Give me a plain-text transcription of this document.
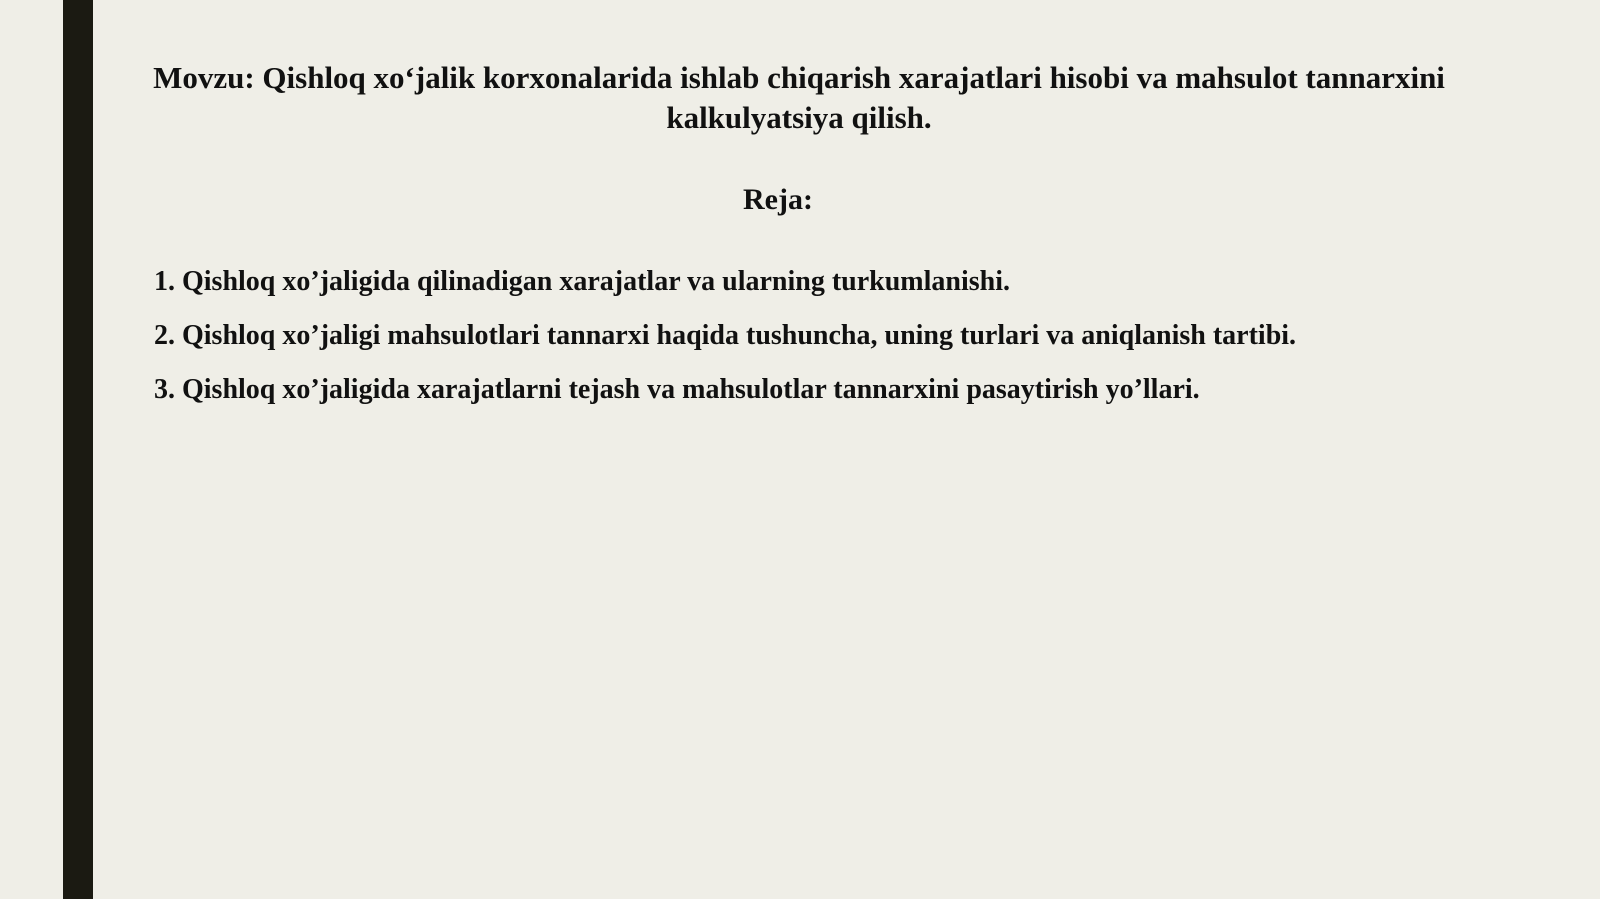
Movzu: Qishloq xo‘jalik korxonalarida ishlab chiqarish xarajatlari hisobi va mahsulot tannarxini kalkulyatsiya qilish.
Reja:
1. Qishloq xo’jaligida qilinadigan xarajatlar va ularning turkumlanishi.
2. Qishloq xo’jaligi mahsulotlari tannarxi haqida tushuncha, uning turlari va aniqlanish tartibi.
3. Qishloq xo’jaligida xarajatlarni tejash va mahsulotlar tannarxini pasaytirish yo’llari.
